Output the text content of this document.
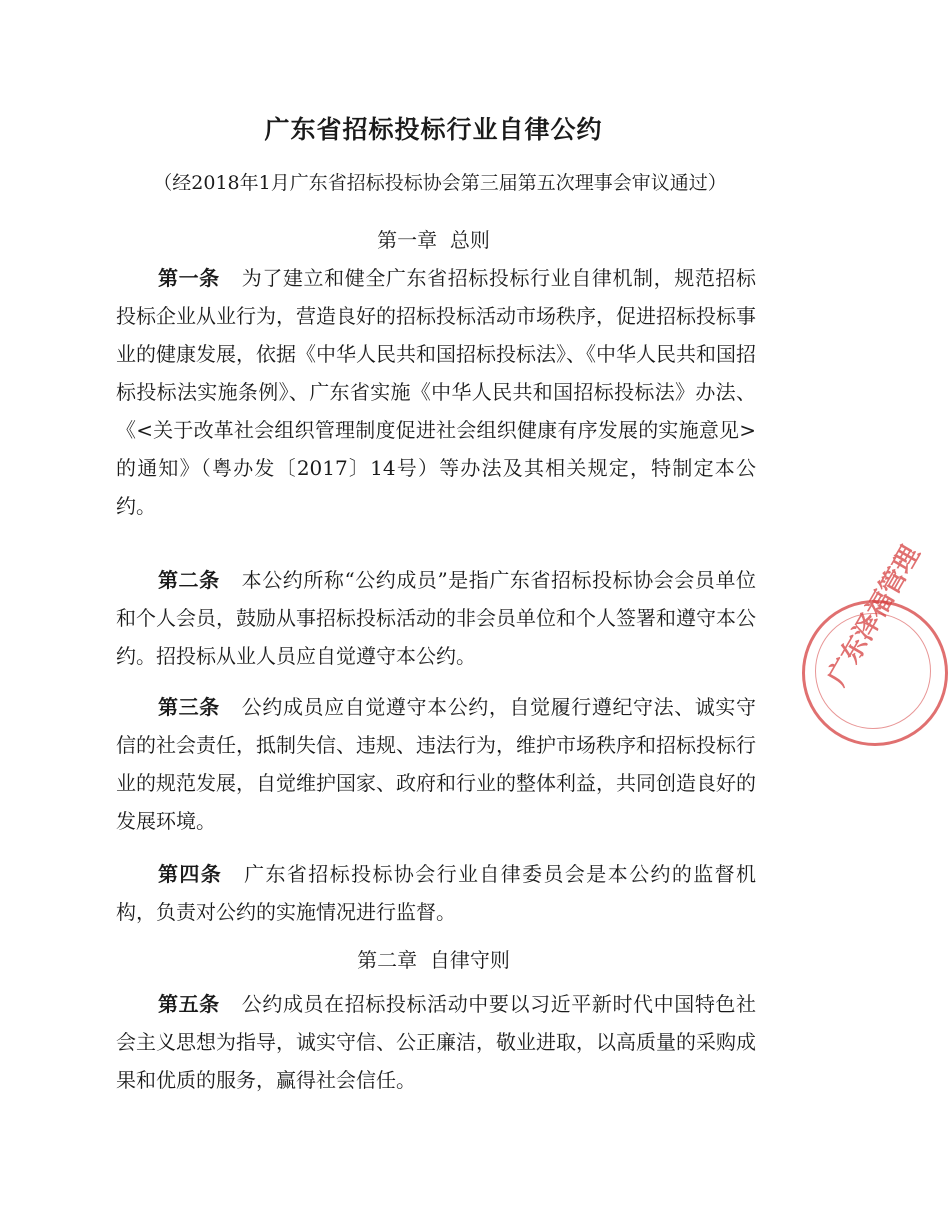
广东省招标投标行业自律公约
（经2018年1月广东省招标投标协会第三届第五次理事会审议通过）
第一章  总则
第一条 为了建立和健全广东省招标投标行业自律机制，规范招标投标企业从业行为，营造良好的招标投标活动市场秩序，促进招标投标事业的健康发展，依据《中华人民共和国招标投标法》、《中华人民共和国招标投标法实施条例》、广东省实施《中华人民共和国招标投标法》办法、《<关于改革社会组织管理制度促进社会组织健康有序发展的实施意见>的通知》（粤办发〔2017〕14号）等办法及其相关规定，特制定本公约。
第二条 本公约所称“公约成员”是指广东省招标投标协会会员单位和个人会员，鼓励从事招标投标活动的非会员单位和个人签署和遵守本公约。招投标从业人员应自觉遵守本公约。
第三条 公约成员应自觉遵守本公约，自觉履行遵纪守法、诚实守信的社会责任，抵制失信、违规、违法行为，维护市场秩序和招标投标行业的规范发展，自觉维护国家、政府和行业的整体利益，共同创造良好的发展环境。
第四条 广东省招标投标协会行业自律委员会是本公约的监督机构，负责对公约的实施情况进行监督。
第二章  自律守则
第五条 公约成员在招标投标活动中要以习近平新时代中国特色社会主义思想为指导，诚实守信、公正廉洁，敬业进取，以高质量的采购成果和优质的服务，赢得社会信任。
广东泽福管理
